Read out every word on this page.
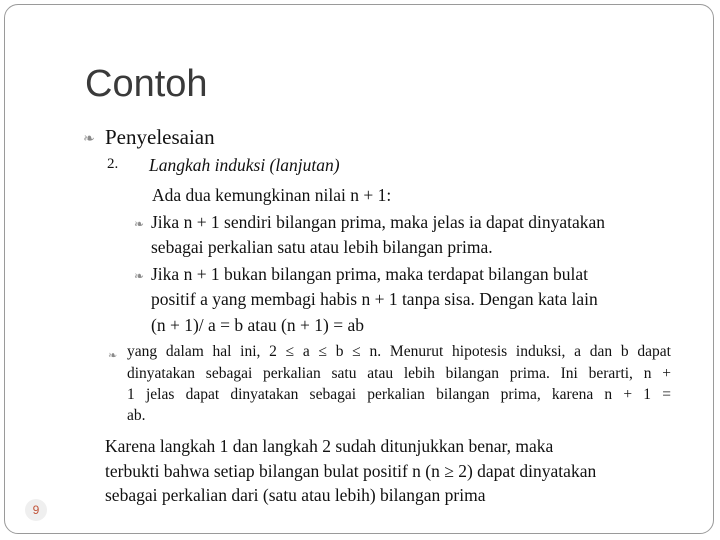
Contoh
❧ Penyelesaian
2. Langkah induksi (lanjutan)
Ada dua kemungkinan nilai n + 1:
❧ Jika n + 1 sendiri bilangan prima, maka jelas ia dapat dinyatakan
sebagai perkalian satu atau lebih bilangan prima.
❧ Jika n + 1 bukan bilangan prima, maka terdapat bilangan bulat
positif a yang membagi habis n + 1 tanpa sisa. Dengan kata lain
(n + 1)/ a = b atau (n + 1) = ab
❧ yang dalam hal ini, 2 ≤ a ≤ b ≤ n. Menurut hipotesis induksi, a dan b dapat
dinyatakan sebagai perkalian satu atau lebih bilangan prima. Ini berarti, n +
1 jelas dapat dinyatakan sebagai perkalian bilangan prima, karena n + 1 =
ab.
Karena langkah 1 dan langkah 2 sudah ditunjukkan benar, maka
terbukti bahwa setiap bilangan bulat positif n (n ≥ 2) dapat dinyatakan
sebagai perkalian dari (satu atau lebih) bilangan prima
9
